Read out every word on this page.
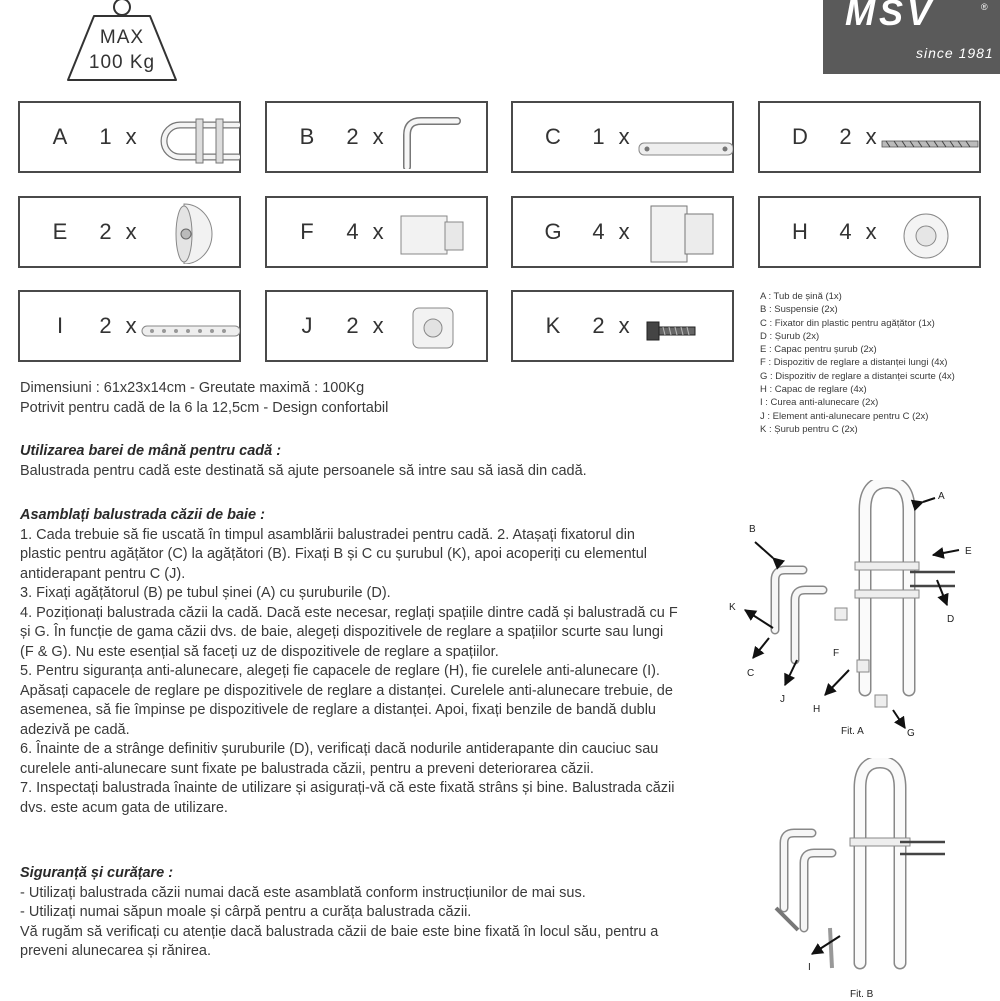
MAX
100 Kg
MSV	®
since 1981
A	1 x	B	2 x	C	1 x	D	2 x
E	2 x	F	4 x	G	4 x	H	4 x
I	2 x	J	2 x	K	2 x
A : Tub de șină (1x)
B : Suspensie (2x)
C : Fixator din plastic pentru agățător (1x)
D : Șurub (2x)
E : Capac pentru șurub (2x)
F : Dispozitiv de reglare a distanței lungi (4x)
G : Dispozitiv de reglare a distanței scurte (4x)
H : Capac de reglare (4x)
I : Curea anti-alunecare (2x)
J : Element anti-alunecare pentru C (2x)
K : Șurub pentru C (2x)

Dimensiuni : 61x23x14cm - Greutate maximă : 100Kg

Potrivit pentru cadă de la 6 la 12,5cm - Design confortabil

Utilizarea barei de mână pentru cadă :

Balustrada pentru cadă este destinată să ajute persoanele să intre sau să iasă din cadă.

Asamblați balustrada căzii de baie :

1. Cada trebuie să fie uscată în timpul asamblării balustradei pentru cadă. 2. Atașați fixatorul din

plastic pentru agățător (C) la agățători (B). Fixați B și C cu șurubul (K), apoi acoperiți cu elementul

antiderapant pentru C (J).

3. Fixați agățătorul (B) pe tubul șinei (A) cu șuruburile (D).

4. Poziționați balustrada căzii la cadă. Dacă este necesar, reglați spațiile dintre cadă și balustradă cu F

și G. În funcție de gama căzii dvs. de baie, alegeți dispozitivele de reglare a spațiilor scurte sau lungi

(F & G). Nu este esențial să faceți uz de dispozitivele de reglare a spațiilor.

5. Pentru siguranța anti-alunecare, alegeți fie capacele de reglare (H), fie curelele anti-alunecare (I).

Apăsați capacele de reglare pe dispozitivele de reglare a distanței. Curelele anti-alunecare trebuie, de

asemenea, să fie împinse pe dispozitivele de reglare a distanței. Apoi, fixați benzile de bandă dublu

adezivă pe cadă.

6. Înainte de a strânge definitiv șuruburile (D), verificați dacă nodurile antiderapante din cauciuc sau

curelele anti-alunecare sunt fixate pe balustrada căzii, pentru a preveni deteriorarea căzii.

7. Inspectați balustrada înainte de utilizare și asigurați-vă că este fixată strâns și bine. Balustrada căzii

dvs. este acum gata de utilizare.

Siguranță și curățare :

- Utilizați balustrada căzii numai dacă este asamblată conform instrucțiunilor de mai sus.

- Utilizați numai săpun moale și cârpă pentru a curăța balustrada căzii.

Vă rugăm să verificați cu atenție dacă balustrada căzii de baie este bine fixată în locul său, pentru a

preveni alunecarea și rănirea.

A
B
E
D
C
K
J
F
H
G
Fit. A
I
Fit. B
